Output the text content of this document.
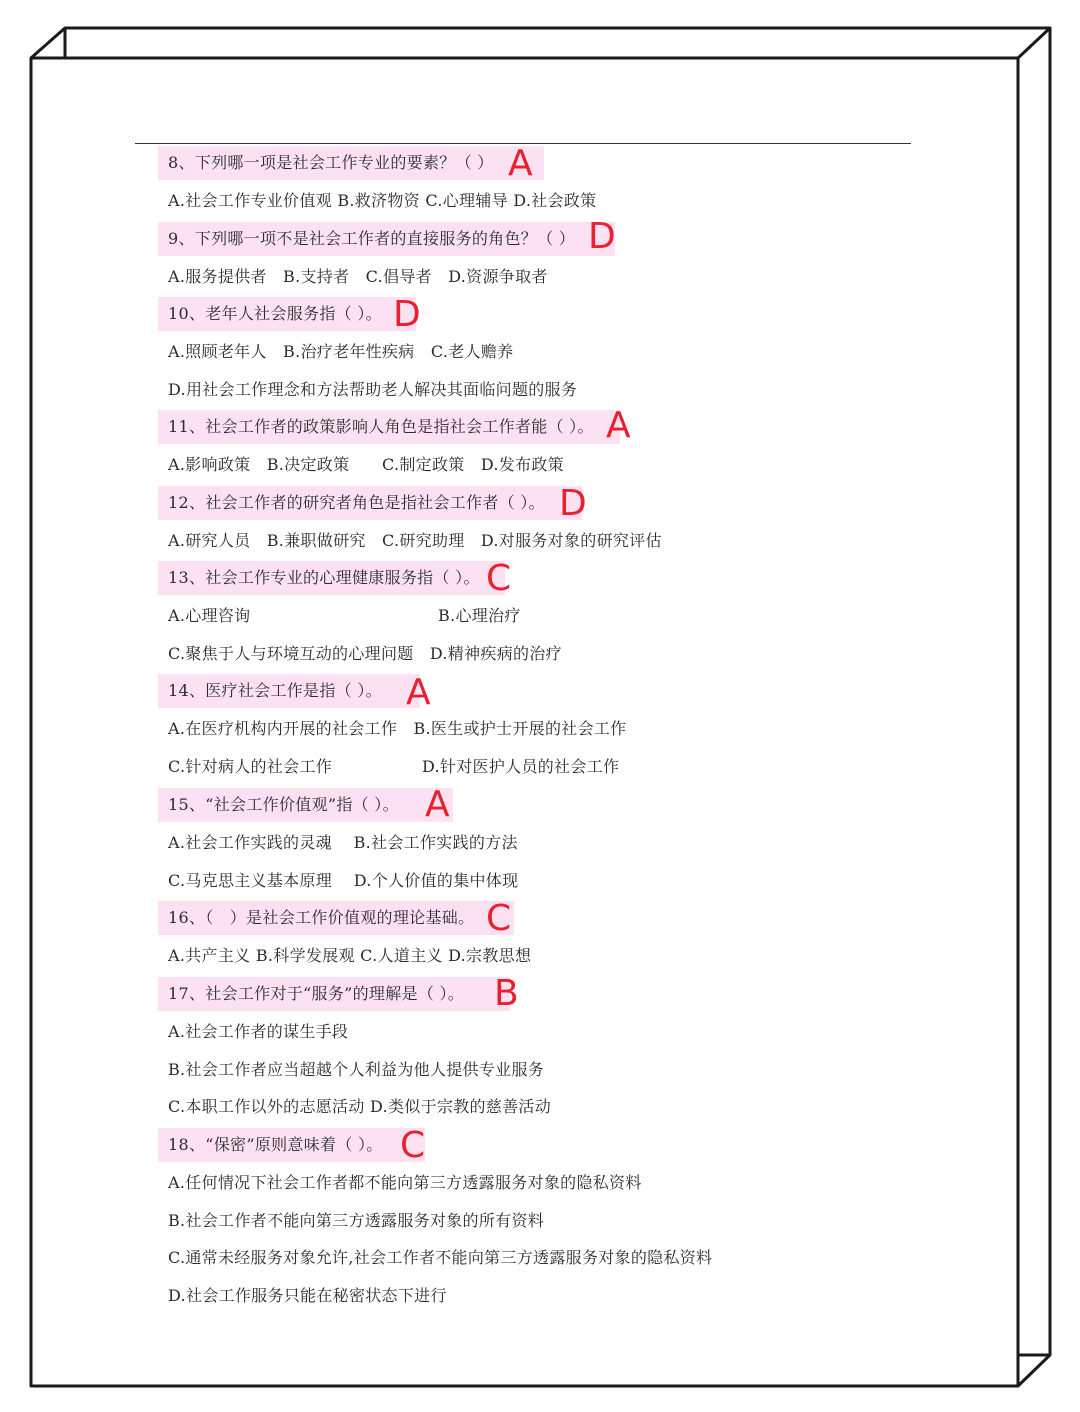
8、下列哪一项是社会工作专业的要素？（ ） A
A.社会工作专业价值观 B.救济物资 C.心理辅导 D.社会政策
9、下列哪一项不是社会工作者的直接服务的角色？（ ） D
A.服务提供者　B.支持者　C.倡导者　D.资源争取者
10、老年人社会服务指（ ）。 D
A.照顾老年人　B.治疗老年性疾病　C.老人赡养
D.用社会工作理念和方法帮助老人解决其面临问题的服务
11、社会工作者的政策影响人角色是指社会工作者能（ ）。 A
A.影响政策　B.决定政策　　C.制定政策　D.发布政策
12、社会工作者的研究者角色是指社会工作者（ ）。 D
A.研究人员　B.兼职做研究　C.研究助理　D.对服务对象的研究评估
13、社会工作专业的心理健康服务指（ ）。 C
A.心理咨询	B.心理治疗
C.聚焦于人与环境互动的心理问题　D.精神疾病的治疗
14、医疗社会工作是指（ ）。 A
A.在医疗机构内开展的社会工作　B.医生或护士开展的社会工作
C.针对病人的社会工作	D.针对医护人员的社会工作
15、“社会工作价值观”指（ ）。 A
A.社会工作实践的灵魂　 B.社会工作实践的方法
C.马克思主义基本原理　 D.个人价值的集中体现
16、（　）是社会工作价值观的理论基础。 C
A.共产主义 B.科学发展观 C.人道主义 D.宗教思想
17、社会工作对于“服务”的理解是（ ）。 B
A.社会工作者的谋生手段
B.社会工作者应当超越个人利益为他人提供专业服务
C.本职工作以外的志愿活动 D.类似于宗教的慈善活动
18、“保密”原则意味着（ ）。 C
A.任何情况下社会工作者都不能向第三方透露服务对象的隐私资料
B.社会工作者不能向第三方透露服务对象的所有资料
C.通常未经服务对象允许,社会工作者不能向第三方透露服务对象的隐私资料
D.社会工作服务只能在秘密状态下进行
